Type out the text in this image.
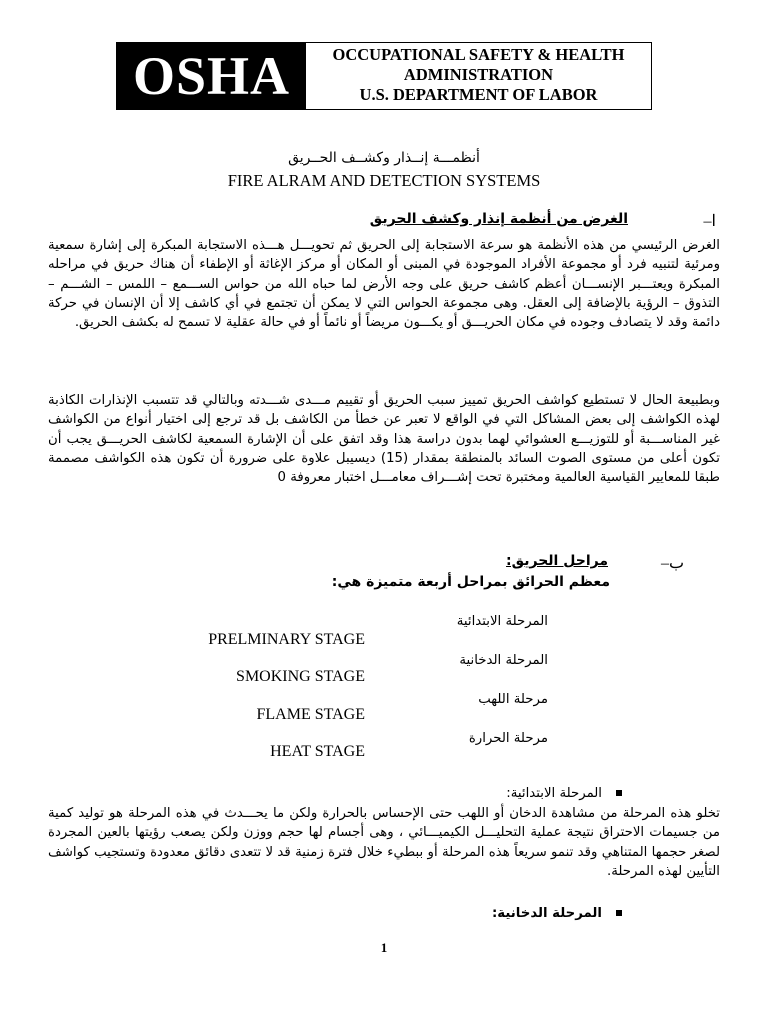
OSHA	OCCUPATIONAL SAFETY & HEALTH
ADMINISTRATION
U.S. DEPARTMENT OF LABOR
أنظمـــة إنــذار وكشــف الحــريق
FIRE ALRAM AND DETECTION SYSTEMS
ا–
الغرض من أنظمة إنذار وكشف الحريق
الغرض الرئيسي من هذه الأنظمة هو سرعة الاستجابة إلى الحريق ثم تحويـــل هـــذه الاستجابة المبكرة إلى إشارة سمعية ومرئية لتنبيه فرد أو مجموعة الأفراد الموجودة في المبنى أو المكان أو مركز الإغاثة أو الإطفاء أن هناك حريق في مراحله المبكرة ويعتـــبر الإنســـان أعظم كاشف حريق على وجه الأرض لما حباه الله من حواس الســـمع – اللمس – الشـــم – التذوق – الرؤية بالإضافة إلى العقل. وهى مجموعة الحواس التي لا يمكن أن تجتمع في أي كاشف إلا أن الإنسان في حركة دائمة وقد لا يتصادف وجوده في مكان الحريـــق أو يكـــون مريضاً أو نائماً أو في حالة عقلية لا تسمح له بكشف الحريق.
وبطبيعة الحال لا تستطيع كواشف الحريق تمييز سبب الحريق أو تقييم مـــدى شـــدته وبالتالي قد تتسبب الإنذارات الكاذبة لهذه الكواشف إلى بعض المشاكل التي في الواقع لا تعبر عن خطأ من الكاشف بل قد ترجع إلى اختيار أنواع من الكواشف غير المناســـبة أو للتوزيـــع العشوائي لهما بدون دراسة هذا وقد اتفق على أن الإشارة السمعية لكاشف الحريـــق يجب أن تكون أعلى من مستوى الصوت السائد بالمنطقة بمقدار (15) ديسيبل علاوة على ضرورة أن تكون هذه الكواشف مصممة طبقا للمعايير القياسية العالمية ومختبرة تحت إشـــراف معامـــل اختبار معروفة 0
ب–
مراحل الحريق:
معظم الحرائق بمراحل أربعة متميزة هي:
المرحلة الابتدائية
PRELMINARY STAGE
المرحلة الدخانية
SMOKING STAGE
مرحلة اللهب
FLAME STAGE
مرحلة الحرارة
HEAT STAGE
المرحلة الابتدائية:
تخلو هذه المرحلة من مشاهدة الدخان أو اللهب حتى الإحساس بالحرارة ولكن ما يحـــدث في هذه المرحلة هو توليد كمية من جسيمات الاحتراق نتيجة عملية التحليـــل الكيميـــائي ، وهى أجسام لها حجم ووزن ولكن يصعب رؤيتها بالعين المجردة لصغر حجمها المتناهي وقد تنمو سريعاً هذه المرحلة أو ببطيء خلال فترة زمنية قد لا تتعدى دقائق معدودة وتستجيب كواشف التأيين لهذه المرحلة.
المرحلة الدخانية:
1
